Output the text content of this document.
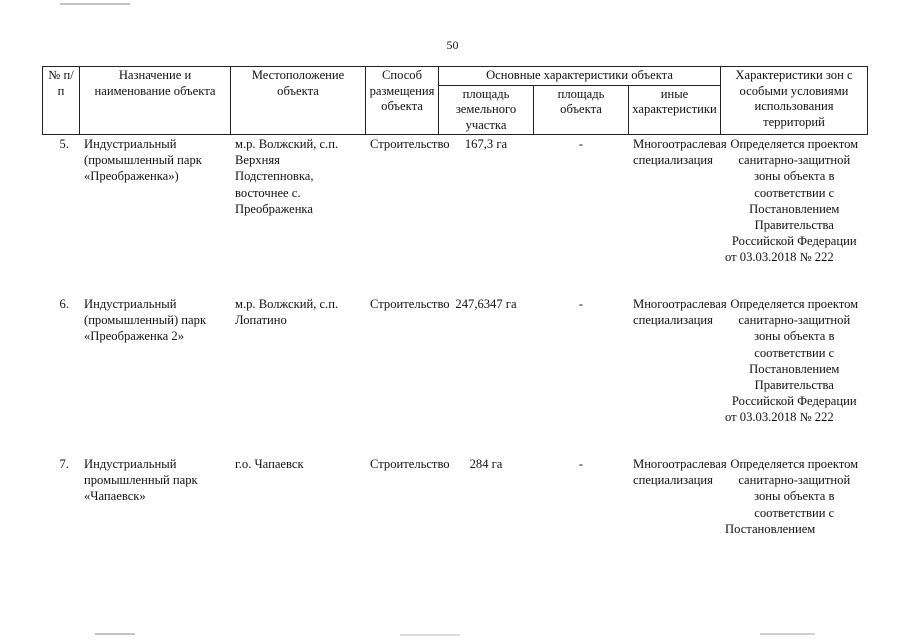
50
№ п/п	Назначение и наименование объекта	Местоположение объекта	Способ размещения объекта	Основные характеристики объекта			Характеристики зон с особыми условиями использования территорий
				площадь земельного участка	площадь объекта	иные характеристики	
5.	Индустриальный (промышленный парк «Преображенка»)	м.р. Волжский, с.п. Верхняя Подстепновка, восточнее с. Преображенка	Строительство	167,3 га	-	Многоотраслевая специализация	Определяется проектом санитарно-защитной зоны объекта в соответствии с Постановлением Правительства Российской Федерации от 03.03.2018 № 222
6.	Индустриальный (промышленный) парк «Преображенка 2»	м.р. Волжский, с.п. Лопатино	Строительство	247,6347 га	-	Многоотраслевая специализация	Определяется проектом санитарно-защитной зоны объекта в соответствии с Постановлением Правительства Российской Федерации от 03.03.2018 № 222
7.	Индустриальный промышленный парк «Чапаевск»	г.о. Чапаевск	Строительство	284 га	-	Многоотраслевая специализация	Определяется проектом санитарно-защитной зоны объекта в соответствии с Постановлением
